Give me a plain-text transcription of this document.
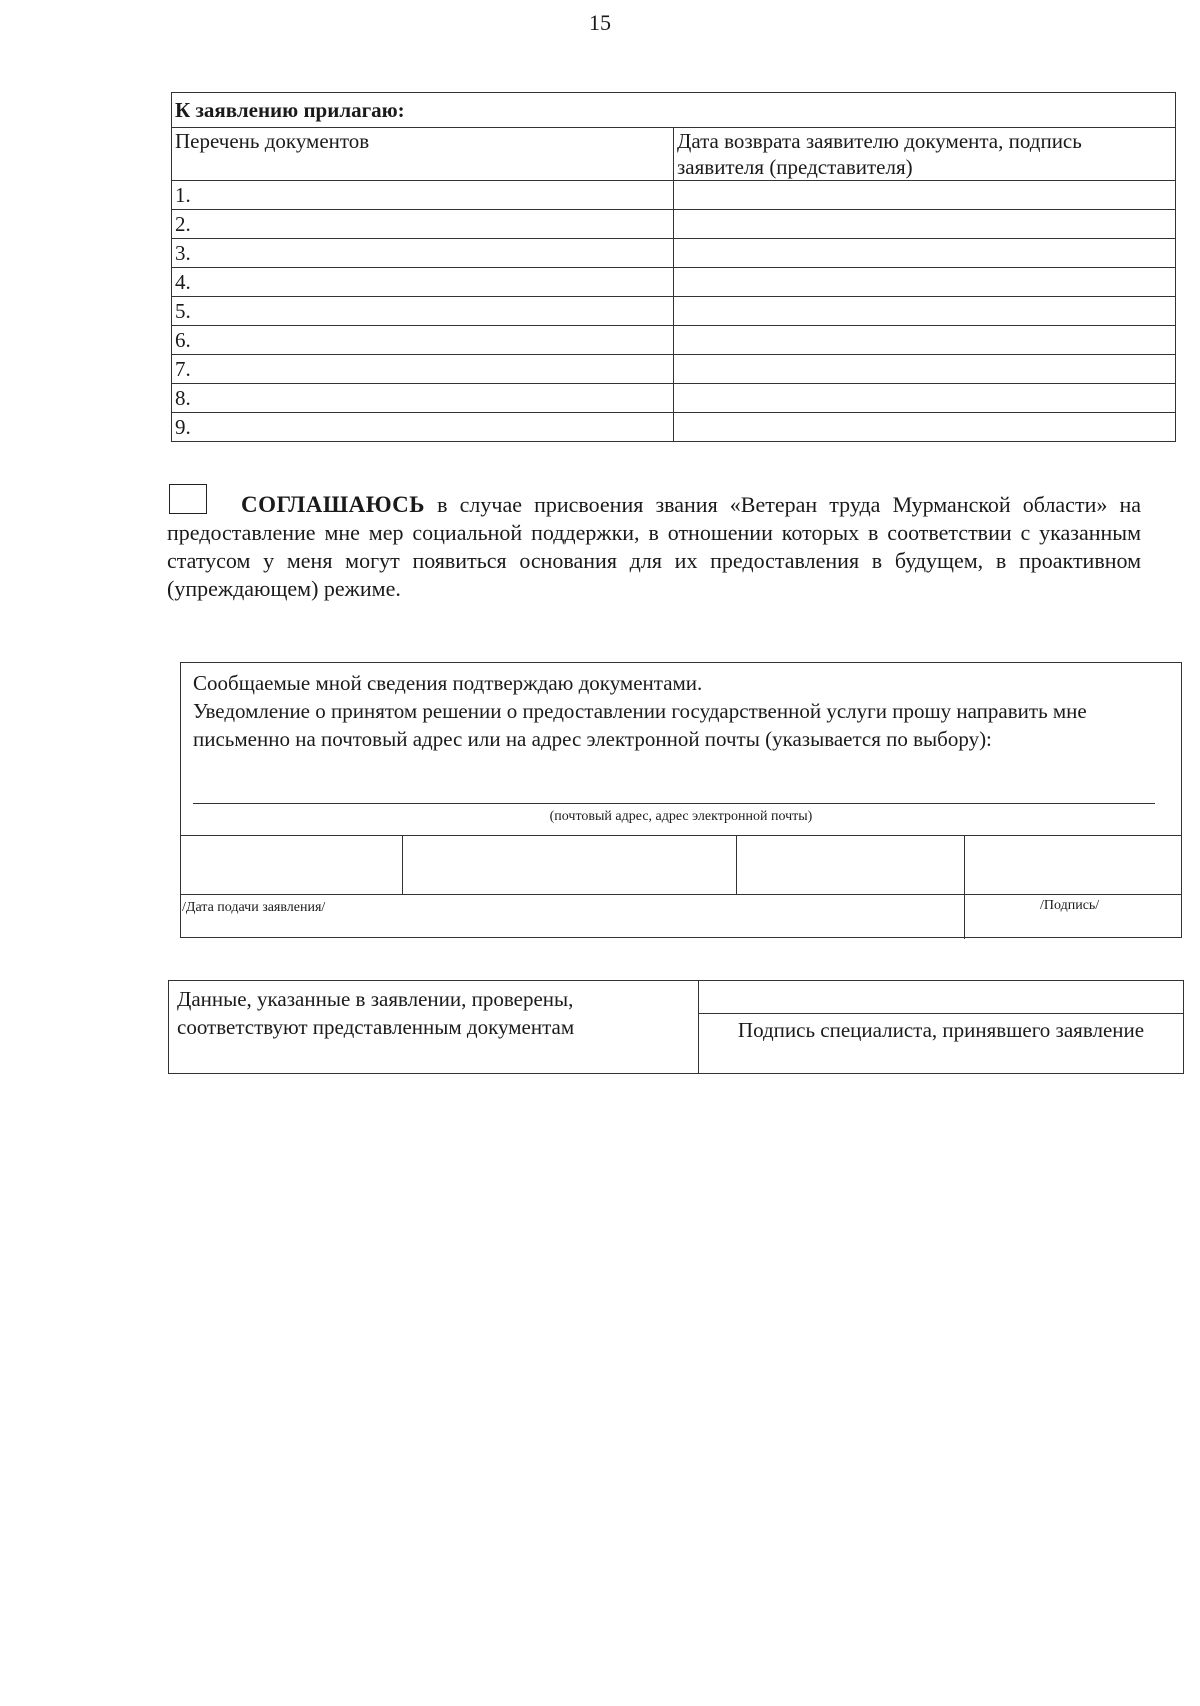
15
К заявлению прилагаю:	
Перечень документов	Дата возврата заявителю документа, подпись заявителя (представителя)
1.	
2.	
3.	
4.	
5.	
6.	
7.	
8.	
9.	

СОГЛАШАЮСЬ в случае присвоения звания «Ветеран труда Мурманской области» на предоставление мне мер социальной поддержки, в отношении которых в соответствии с указанным статусом у меня могут появиться основания для их предоставления в будущем, в проактивном (упреждающем) режиме.

Сообщаемые мной сведения подтверждаю документами.
Уведомление о принятом решении о предоставлении государственной услуги прошу направить мне письменно на почтовый адрес или на адрес электронной почты (указывается по выбору):
(почтовый адрес, адрес электронной почты)
/Дата подачи заявления/	/Подпись/
Данные, указанные в заявлении, проверены, соответствуют представленным документам	
Подпись специалиста, принявшего заявление
